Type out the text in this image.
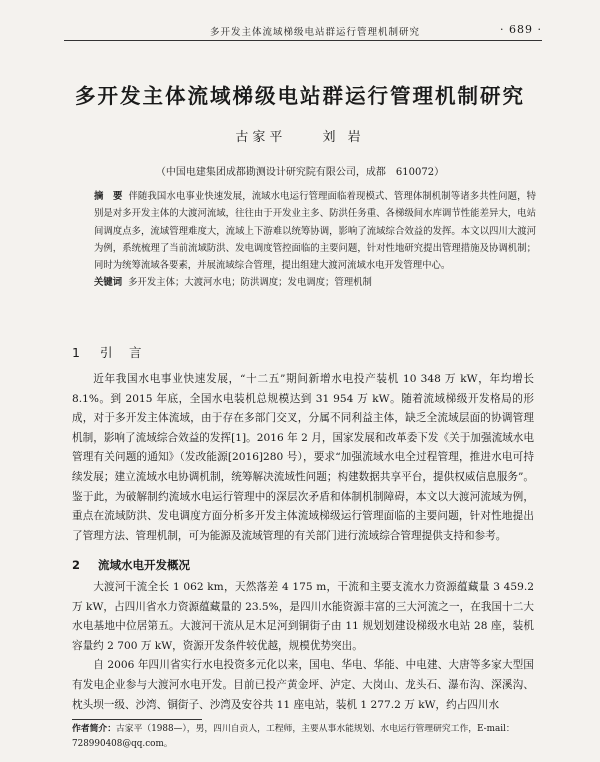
多开发主体流域梯级电站群运行管理机制研究	· 689 ·
多开发主体流域梯级电站群运行管理机制研究
古家平	刘 岩
（中国电建集团成都勘测设计研究院有限公司，成都　610072）
摘　要 伴随我国水电事业快速发展，流域水电运行管理面临着现模式、管理体制机制等诸多共性问题，特别是对多开发主体的大渡河流域，往往由于开发业主多、防洪任务重、各梯级间水库调节性能差异大，电站间调度点多，流域管理难度大，流域上下游难以统筹协调，影响了流域综合效益的发挥。本文以四川大渡河为例，系统梳理了当前流域防洪、发电调度管控面临的主要问题，针对性地研究提出管理措施及协调机制；同时为统筹流域各要素，并展流域综合管理，提出组建大渡河流域水电开发管理中心。
关键词 多开发主体；大渡河水电；防洪调度；发电调度；管理机制
1 引　言

近年我国水电事业快速发展，“十二五”期间新增水电投产装机 10 348 万 kW，年均增长 8.1%。到 2015 年底，全国水电装机总规模达到 31 954 万 kW。随着流域梯级开发格局的形成，对于多开发主体流域，由于存在多部门交叉，分属不同利益主体，缺乏全流域层面的协调管理机制，影响了流域综合效益的发挥[1]。2016 年 2 月，国家发展和改革委下发《关于加强流域水电管理有关问题的通知》（发改能源[2016]280 号），要求“加强流域水电全过程管理，推进水电可持续发展；建立流域水电协调机制，统筹解决流域性问题；构建数据共享平台，提供权威信息服务”。鉴于此，为破解制约流域水电运行管理中的深层次矛盾和体制机制障碍，本文以大渡河流域为例，重点在流域防洪、发电调度方面分析多开发主体流域梯级运行管理面临的主要问题，针对性地提出了管理方法、管理机制，可为能源及流域管理的有关部门进行流域综合管理提供支持和参考。

2 流域水电开发概况

大渡河干流全长 1 062 km，天然落差 4 175 m，干流和主要支流水力资源蕴藏量 3 459.2 万 kW，占四川省水力资源蕴藏量的 23.5%，是四川水能资源丰富的三大河流之一，在我国十二大水电基地中位居第五。大渡河干流从足木足河到铜街子由 11 规划划建设梯级水电站 28 座，装机容量约 2 700 万 kW，资源开发条件较优越，规模优势突出。

自 2006 年四川省实行水电投资多元化以来，国电、华电、华能、中电建、大唐等多家大型国有发电企业参与大渡河水电开发。目前已投产黄金坪、泸定、大岗山、龙头石、瀑布沟、深溪沟、枕头坝一级、沙湾、铜街子、沙湾及安谷共 11 座电站，装机 1 277.2 万 kW，约占四川水

作者简介：古家平（1988—），男，四川自贡人，工程师，主要从事水能规划、水电运行管理研究工作，E-mail：728990408@qq.com。
